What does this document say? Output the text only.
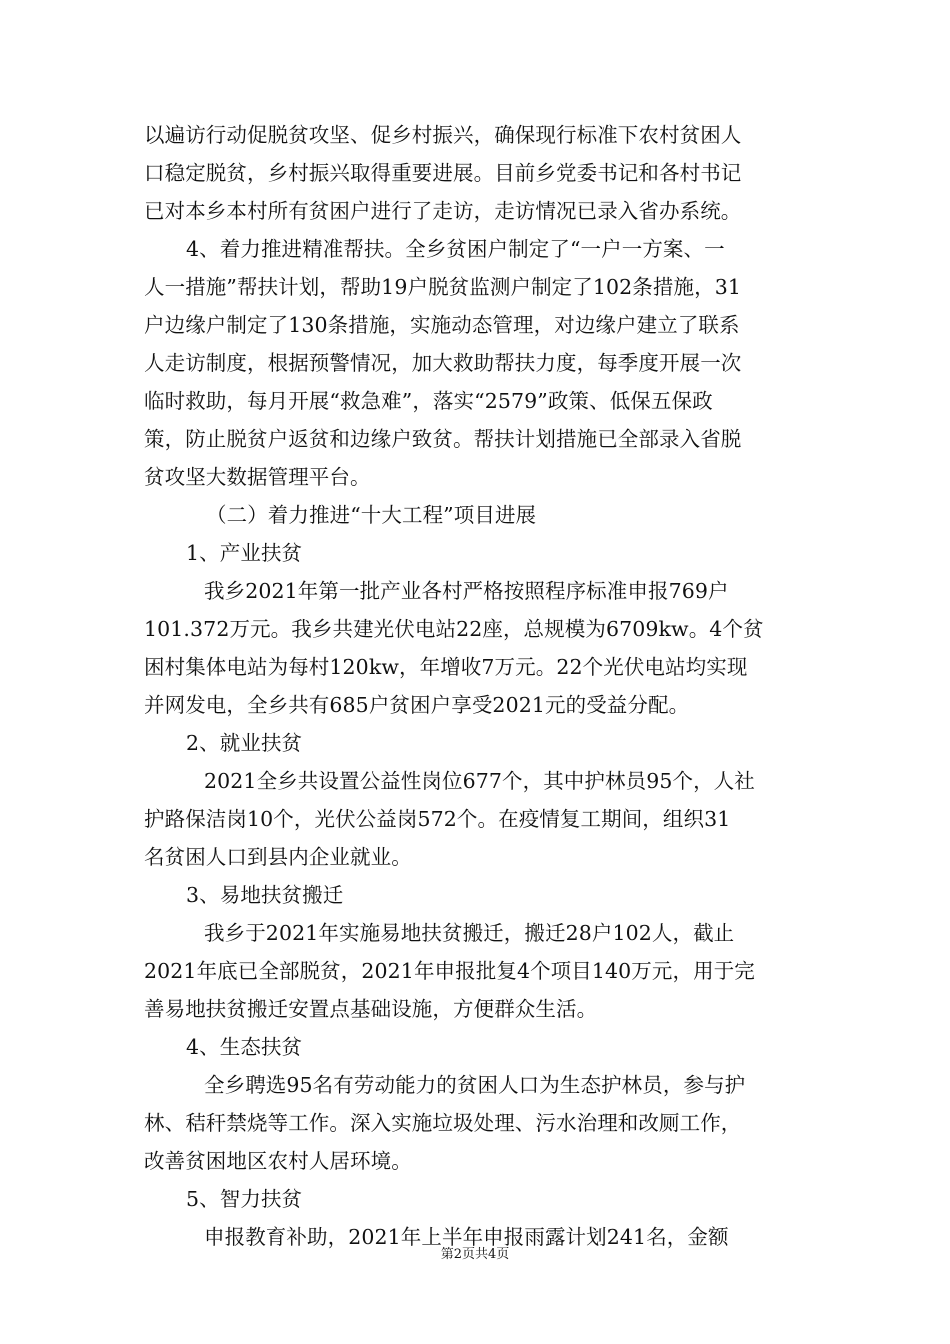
以遍访行动促脱贫攻坚、促乡村振兴，确保现行标准下农村贫困人
口稳定脱贫，乡村振兴取得重要进展。目前乡党委书记和各村书记
已对本乡本村所有贫困户进行了走访，走访情况已录入省办系统。
4、着力推进精准帮扶。全乡贫困户制定了“一户一方案、一
人一措施”帮扶计划，帮助19户脱贫监测户制定了102条措施，31
户边缘户制定了130条措施，实施动态管理，对边缘户建立了联系
人走访制度，根据预警情况，加大救助帮扶力度，每季度开展一次
临时救助，每月开展“救急难”，落实“2579”政策、低保五保政
策，防止脱贫户返贫和边缘户致贫。帮扶计划措施已全部录入省脱
贫攻坚大数据管理平台。
（二）着力推进“十大工程”项目进展
1、产业扶贫
我乡2021年第一批产业各村严格按照程序标准申报769户
101.372万元。我乡共建光伏电站22座，总规模为6709kw。4个贫
困村集体电站为每村120kw，年增收7万元。22个光伏电站均实现
并网发电，全乡共有685户贫困户享受2021元的受益分配。
2、就业扶贫
2021全乡共设置公益性岗位677个，其中护林员95个，人社
护路保洁岗10个，光伏公益岗572个。在疫情复工期间，组织31
名贫困人口到县内企业就业。
3、易地扶贫搬迁
我乡于2021年实施易地扶贫搬迁，搬迁28户102人，截止
2021年底已全部脱贫，2021年申报批复4个项目140万元，用于完
善易地扶贫搬迁安置点基础设施，方便群众生活。
4、生态扶贫
全乡聘选95名有劳动能力的贫困人口为生态护林员，参与护
林、秸秆禁烧等工作。深入实施垃圾处理、污水治理和改厕工作，
改善贫困地区农村人居环境。
5、智力扶贫
申报教育补助，2021年上半年申报雨露计划241名，金额
第2页共4页
